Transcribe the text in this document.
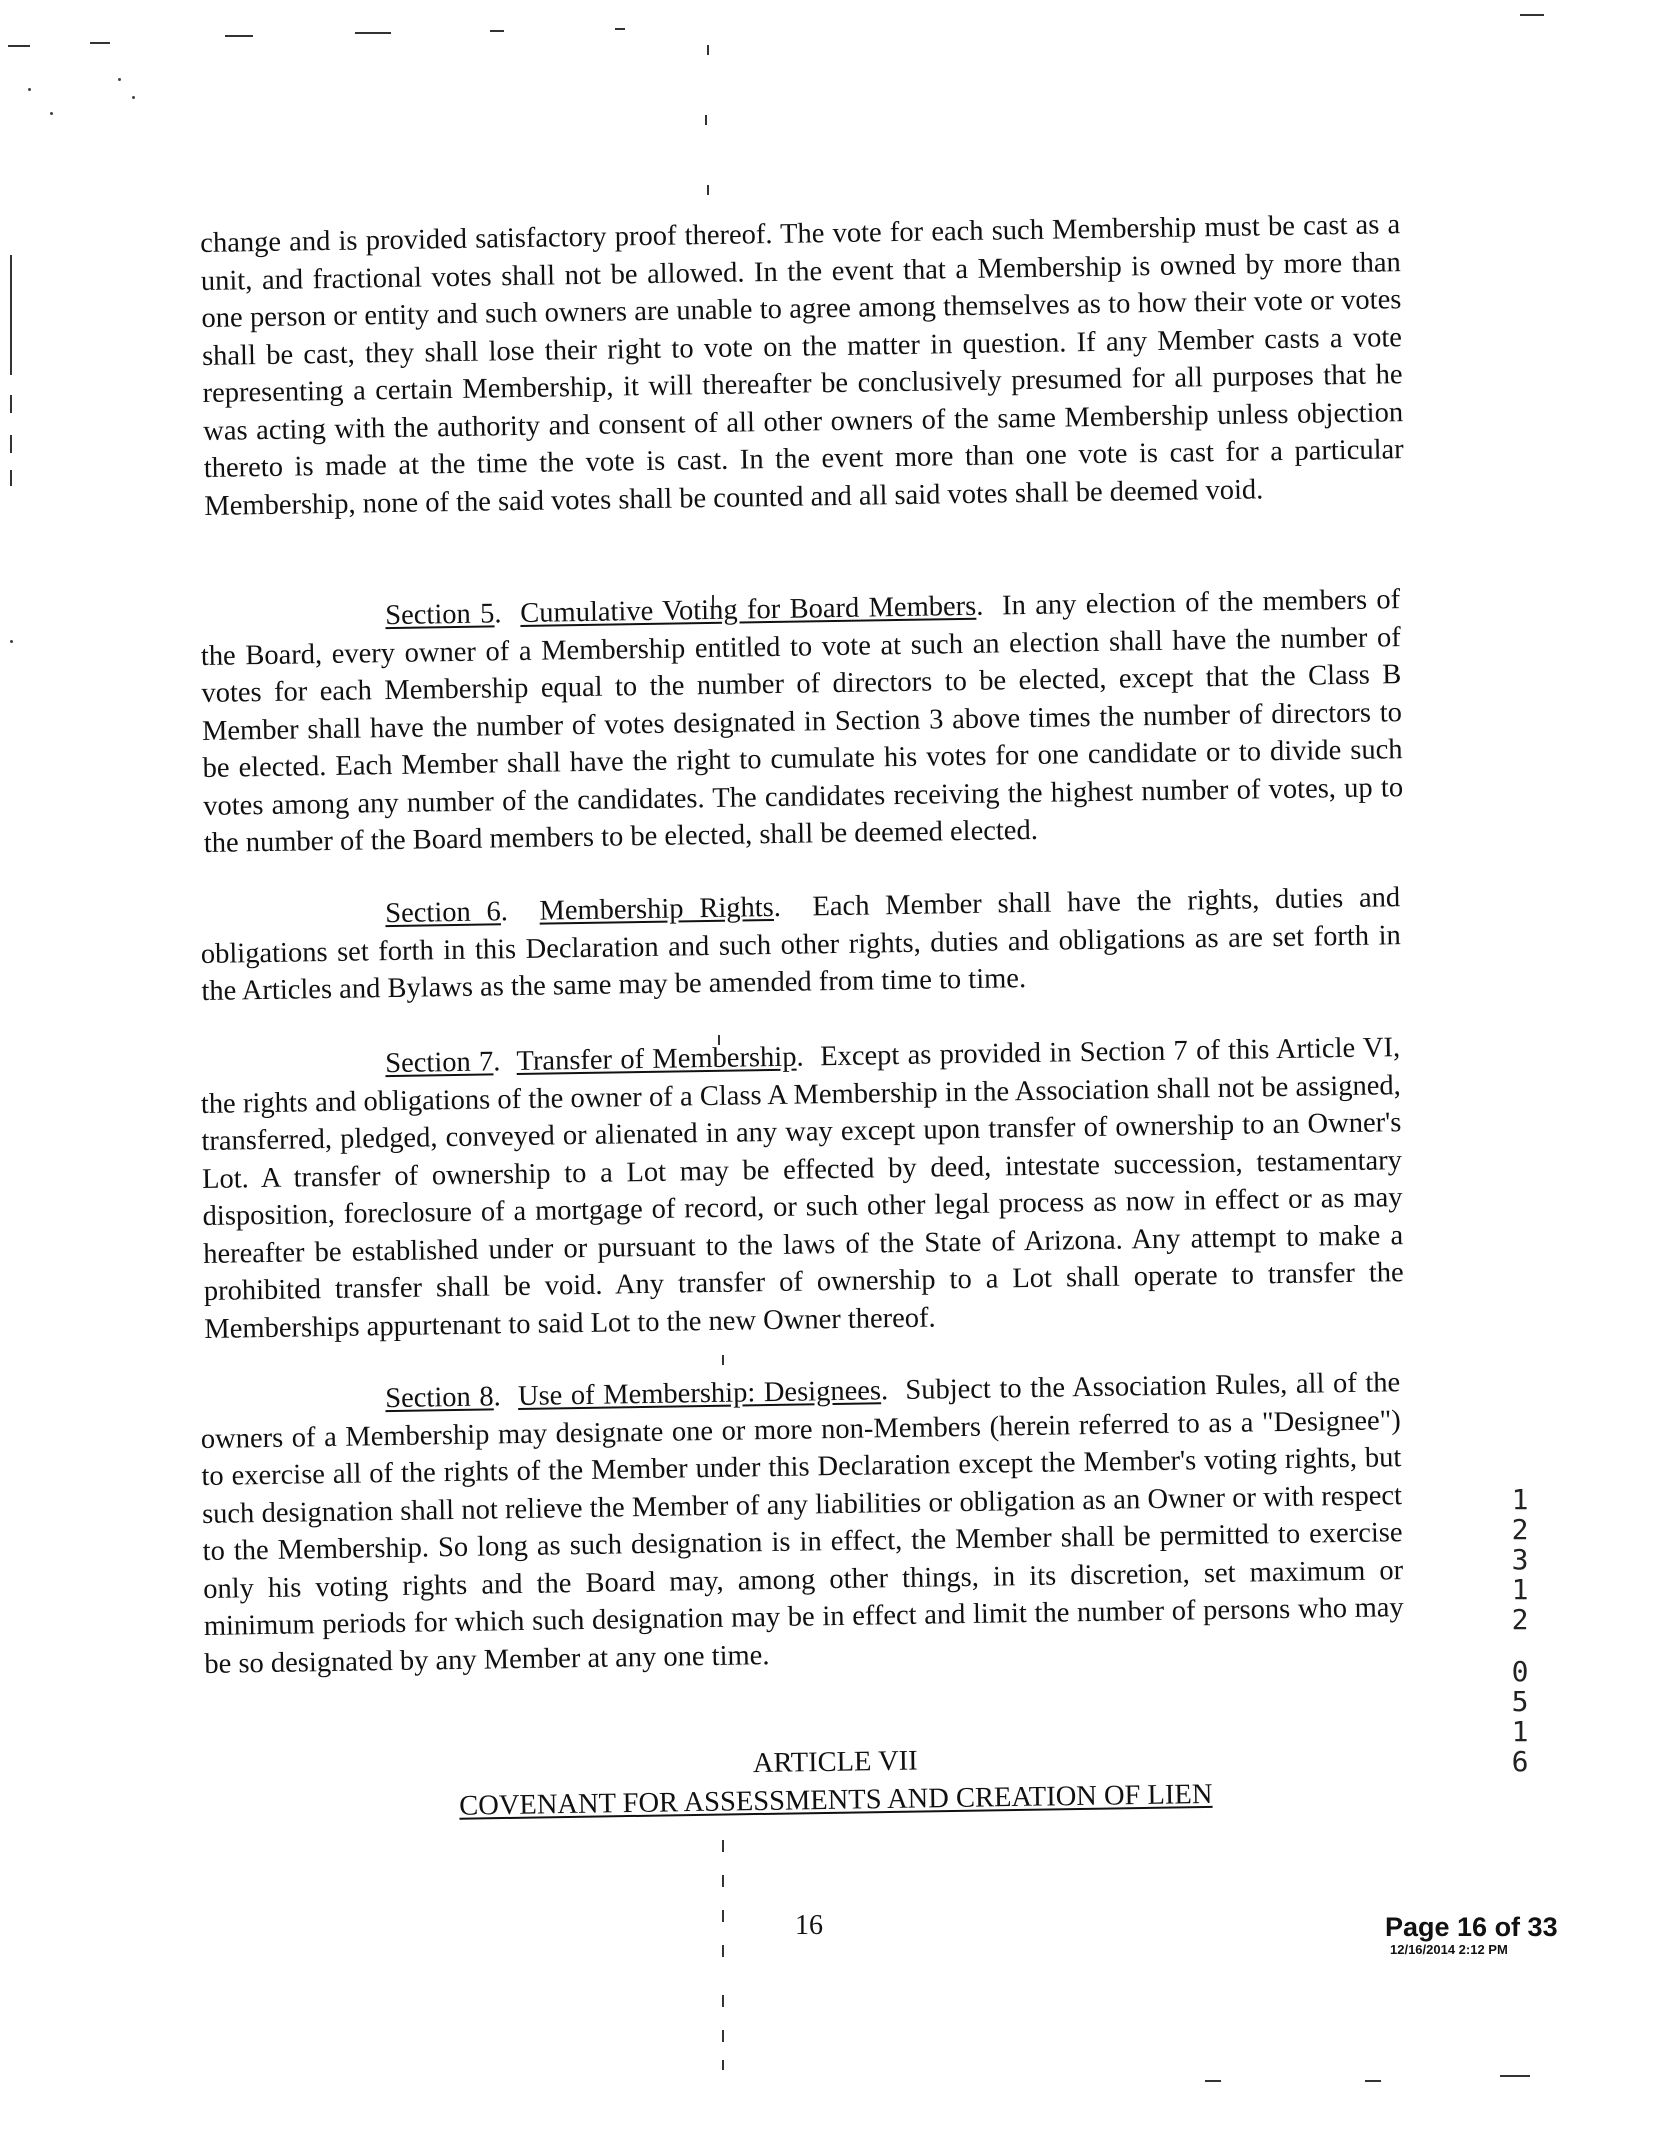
change and is provided satisfactory proof thereof. The vote for each such Membership must be cast as a unit, and fractional votes shall not be allowed. In the event that a Membership is owned by more than one person or entity and such owners are unable to agree among themselves as to how their vote or votes shall be cast, they shall lose their right to vote on the matter in question. If any Member casts a vote representing a certain Membership, it will thereafter be conclusively presumed for all purposes that he was acting with the authority and consent of all other owners of the same Membership unless objection thereto is made at the time the vote is cast. In the event more than one vote is cast for a particular Membership, none of the said votes shall be counted and all said votes shall be deemed void.
Section 5.  Cumulative Voting for Board Members.  In any election of the members of the Board, every owner of a Membership entitled to vote at such an election shall have the number of votes for each Membership equal to the number of directors to be elected, except that the Class B Member shall have the number of votes designated in Section 3 above times the number of directors to be elected. Each Member shall have the right to cumulate his votes for one candidate or to divide such votes among any number of the candidates. The candidates receiving the highest number of votes, up to the number of the Board members to be elected, shall be deemed elected.
Section 6.  Membership Rights.  Each Member shall have the rights, duties and obligations set forth in this Declaration and such other rights, duties and obligations as are set forth in the Articles and Bylaws as the same may be amended from time to time.
Section 7.  Transfer of Membership.  Except as provided in Section 7 of this Article VI, the rights and obligations of the owner of a Class A Membership in the Association shall not be assigned, transferred, pledged, conveyed or alienated in any way except upon transfer of ownership to an Owner's Lot. A transfer of ownership to a Lot may be effected by deed, intestate succession, testamentary disposition, foreclosure of a mortgage of record, or such other legal process as now in effect or as may hereafter be established under or pursuant to the laws of the State of Arizona. Any attempt to make a prohibited transfer shall be void. Any transfer of ownership to a Lot shall operate to transfer the Memberships appurtenant to said Lot to the new Owner thereof.
Section 8.  Use of Membership: Designees.  Subject to the Association Rules, all of the owners of a Membership may designate one or more non-Members (herein referred to as a "Designee") to exercise all of the rights of the Member under this Declaration except the Member's voting rights, but such designation shall not relieve the Member of any liabilities or obligation as an Owner or with respect to the Membership. So long as such designation is in effect, the Member shall be permitted to exercise only his voting rights and the Board may, among other things, in its discretion, set maximum or minimum periods for which such designation may be in effect and limit the number of persons who may be so designated by any Member at any one time.
ARTICLE VII
COVENANT FOR ASSESSMENTS AND CREATION OF LIEN
16	Page 16 of 33
12/16/2014 2:12 PM
1
2
3
1
2
0
5
1
6
